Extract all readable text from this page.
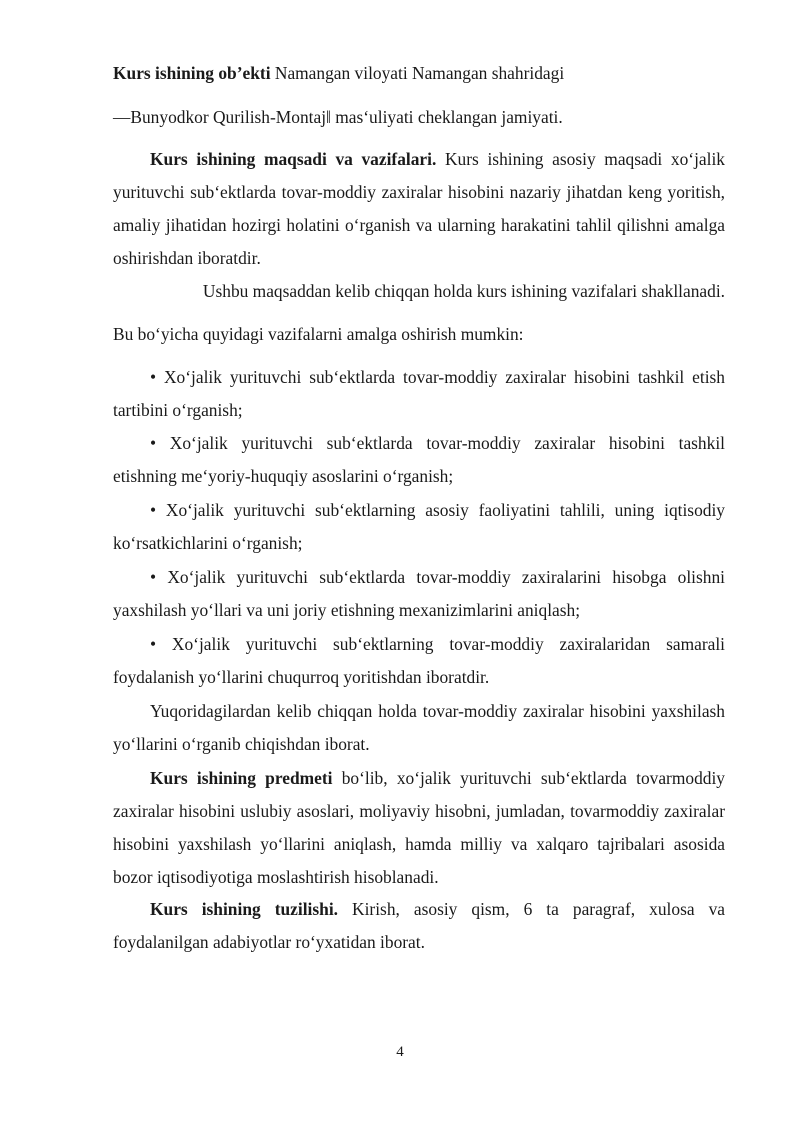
Kurs ishining ob’ekti Namangan viloyati Namangan shahridagi
―Bunyodkor Qurilish-Montaj‖ mas‘uliyati cheklangan jamiyati.

Kurs ishining maqsadi va vazifalari. Kurs ishining asosiy maqsadi xo‘jalik yurituvchi sub‘ektlarda tovar-moddiy zaxiralar hisobini nazariy jihatdan keng yoritish, amaliy jihatidan hozirgi holatini o‘rganish va ularning harakatini tahlil qilishni amalga oshirishdan iboratdir.

Ushbu maqsaddan kelib chiqqan holda kurs ishining vazifalari shakllanadi.
Bu bo‘yicha quyidagi vazifalarni amalga oshirish mumkin:

• Xo‘jalik yurituvchi sub‘ektlarda tovar-moddiy zaxiralar hisobini tashkil etish tartibini o‘rganish;

• Xo‘jalik yurituvchi sub‘ektlarda tovar-moddiy zaxiralar hisobini tashkil etishning me‘yoriy-huquqiy asoslarini o‘rganish;

• Xo‘jalik yurituvchi sub‘ektlarning asosiy faoliyatini tahlili, uning iqtisodiy ko‘rsatkichlarini o‘rganish;

• Xo‘jalik yurituvchi sub‘ektlarda tovar-moddiy zaxiralarini hisobga olishni yaxshilash yo‘llari va uni joriy etishning mexanizimlarini aniqlash;

• Xo‘jalik yurituvchi sub‘ektlarning tovar-moddiy zaxiralaridan samarali foydalanish yo‘llarini chuqurroq yoritishdan iboratdir.

Yuqoridagilardan kelib chiqqan holda tovar-moddiy zaxiralar hisobini yaxshilash yo‘llarini o‘rganib chiqishdan iborat.

Kurs ishining predmeti bo‘lib, xo‘jalik yurituvchi sub‘ektlarda tovarmoddiy zaxiralar hisobini uslubiy asoslari, moliyaviy hisobni, jumladan, tovarmoddiy zaxiralar hisobini yaxshilash yo‘llarini aniqlash, hamda milliy va xalqaro tajribalari asosida bozor iqtisodiyotiga moslashtirish hisoblanadi.

Kurs ishining tuzilishi. Kirish, asosiy qism, 6 ta paragraf, xulosa va foydalanilgan adabiyotlar ro‘yxatidan iborat.

4
